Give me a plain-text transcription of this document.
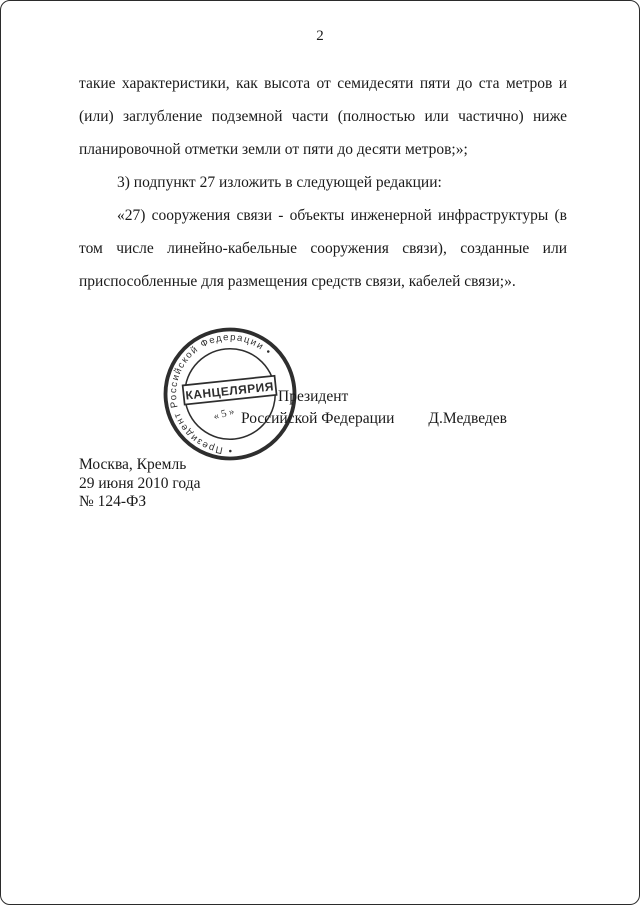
2

такие характеристики, как высота от семидесяти пяти до ста метров и (или) заглубление подземной части (полностью или частично) ниже планировочной отметки земли от пяти до десяти метров;»;

3) подпункт 27 изложить в следующей редакции:

«27) сооружения связи - объекты инженерной инфраструктуры (в том числе линейно-кабельные сооружения связи), созданные или приспособленные для размещения средств связи, кабелей связи;».

• Президент Российской Федерации •
КАНЦЕЛЯРИЯ
« 5 »
Президент
Российской Федерации Д.Медведев
Москва, Кремль
29 июня 2010 года
№ 124-ФЗ
